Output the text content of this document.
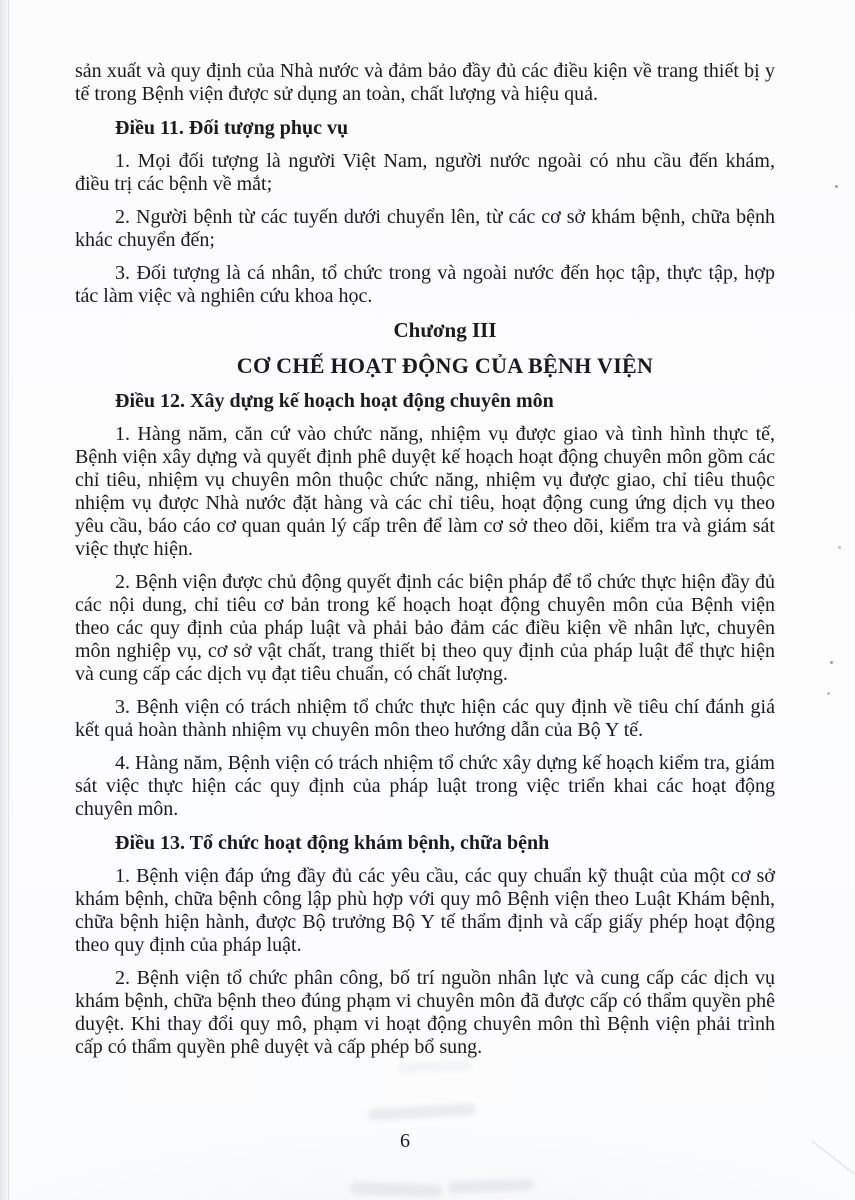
sản xuất và quy định của Nhà nước và đảm bảo đầy đủ các điều kiện về trang thiết bị y tế trong Bệnh viện được sử dụng an toàn, chất lượng và hiệu quả.

Điều 11. Đối tượng phục vụ

1. Mọi đối tượng là người Việt Nam, người nước ngoài có nhu cầu đến khám, điều trị các bệnh về mắt;

2. Người bệnh từ các tuyến dưới chuyển lên, từ các cơ sở khám bệnh, chữa bệnh khác chuyển đến;

3. Đối tượng là cá nhân, tổ chức trong và ngoài nước đến học tập, thực tập, hợp tác làm việc và nghiên cứu khoa học.

Chương III

CƠ CHẾ HOẠT ĐỘNG CỦA BỆNH VIỆN

Điều 12. Xây dựng kế hoạch hoạt động chuyên môn

1. Hàng năm, căn cứ vào chức năng, nhiệm vụ được giao và tình hình thực tế, Bệnh viện xây dựng và quyết định phê duyệt kế hoạch hoạt động chuyên môn gồm các chỉ tiêu, nhiệm vụ chuyên môn thuộc chức năng, nhiệm vụ được giao, chỉ tiêu thuộc nhiệm vụ được Nhà nước đặt hàng và các chỉ tiêu, hoạt động cung ứng dịch vụ theo yêu cầu, báo cáo cơ quan quản lý cấp trên để làm cơ sở theo dõi, kiểm tra và giám sát việc thực hiện.

2. Bệnh viện được chủ động quyết định các biện pháp để tổ chức thực hiện đầy đủ các nội dung, chỉ tiêu cơ bản trong kế hoạch hoạt động chuyên môn của Bệnh viện theo các quy định của pháp luật và phải bảo đảm các điều kiện về nhân lực, chuyên môn nghiệp vụ, cơ sở vật chất, trang thiết bị theo quy định của pháp luật để thực hiện và cung cấp các dịch vụ đạt tiêu chuẩn, có chất lượng.

3. Bệnh viện có trách nhiệm tổ chức thực hiện các quy định về tiêu chí đánh giá kết quả hoàn thành nhiệm vụ chuyên môn theo hướng dẫn của Bộ Y tế.

4. Hàng năm, Bệnh viện có trách nhiệm tổ chức xây dựng kế hoạch kiểm tra, giám sát việc thực hiện các quy định của pháp luật trong việc triển khai các hoạt động chuyên môn.

Điều 13. Tổ chức hoạt động khám bệnh, chữa bệnh

1. Bệnh viện đáp ứng đầy đủ các yêu cầu, các quy chuẩn kỹ thuật của một cơ sở khám bệnh, chữa bệnh công lập phù hợp với quy mô Bệnh viện theo Luật Khám bệnh, chữa bệnh hiện hành, được Bộ trưởng Bộ Y tế thẩm định và cấp giấy phép hoạt động theo quy định của pháp luật.

2. Bệnh viện tổ chức phân công, bố trí nguồn nhân lực và cung cấp các dịch vụ khám bệnh, chữa bệnh theo đúng phạm vi chuyên môn đã được cấp có thẩm quyền phê duyệt. Khi thay đổi quy mô, phạm vi hoạt động chuyên môn thì Bệnh viện phải trình cấp có thẩm quyền phê duyệt và cấp phép bổ sung.

6
